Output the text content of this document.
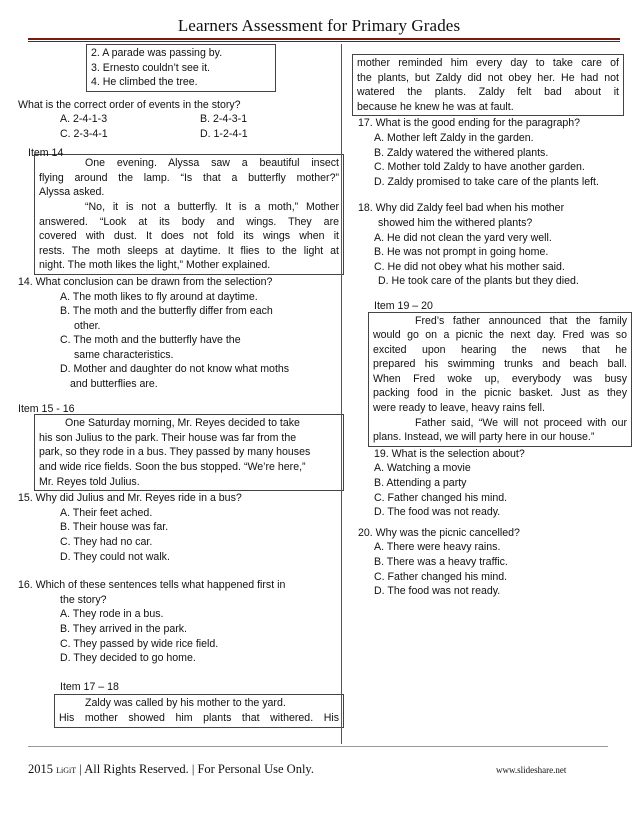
Learners Assessment for Primary Grades
2. A parade was passing by.
3. Ernesto couldn’t see it.
4. He climbed the tree.
What is the correct order of events in the story?
A. 2-4-1-3	B. 2-4-3-1
C. 2-3-4-1	D. 1-2-4-1
Item 14
One evening. Alyssa saw a beautiful insect
flying around the lamp. “Is that a butterfly mother?”
Alyssa asked.
“No, it is not a butterfly. It is a moth,” Mother
answered. “Look at its body and wings. They are
covered with dust. It does not fold its wings when it
rests. The moth sleeps at daytime. It flies to the light at
night. The moth likes the light,” Mother explained.
14. What conclusion can be drawn from the selection?
A. The moth likes to fly around at daytime.
B. The moth and the butterfly differ from each
other.
C. The moth and the butterfly have the
same characteristics.
D. Mother and daughter do not know what moths
and butterflies are.
Item 15 - 16
One Saturday morning, Mr. Reyes decided to take
his son Julius to the park. Their house was far from the
park, so they rode in a bus. They passed by many houses
and wide rice fields. Soon the bus stopped. “We’re here,”
Mr. Reyes told Julius.
15. Why did Julius and Mr. Reyes ride in a bus?
A. Their feet ached.
B. Their house was far.
C. They had no car.
D. They could not walk.
16. Which of these sentences tells what happened first in
the story?
A. They rode in a bus.
B. They arrived in the park.
C. They passed by wide rice field.
D. They decided to go home.
Item 17 – 18
Zaldy was called by his mother to the yard.
His mother showed him plants that withered. His
mother reminded him every day to take care of
the plants, but Zaldy did not obey her. He had not
watered the plants. Zaldy felt bad about it
because he knew he was at fault.
17. What is the good ending for the paragraph?
A. Mother left Zaldy in the garden.
B. Zaldy watered the withered plants.
C. Mother told Zaldy to have another garden.
D. Zaldy promised to take care of the plants left.
18. Why did Zaldy feel bad when his mother
showed him the withered plants?
A. He did not clean the yard very well.
B. He was not prompt in going home.
C. He did not obey what his mother said.
D. He took care of the plants but they died.
Item 19 – 20
Fred’s father announced that the family
would go on a picnic the next day. Fred was so
excited upon hearing the news that he
prepared his swimming trunks and beach ball.
When Fred woke up, everybody was busy
packing food in the picnic basket. Just as they
were ready to leave, heavy rains fell.
Father said, “We will not proceed with our
plans. Instead, we will party here in our house.”
19. What is the selection about?
A. Watching a movie
B. Attending a party
C. Father changed his mind.
D. The food was not ready.
20. Why was the picnic cancelled?
A. There were heavy rains.
B. There was a heavy traffic.
C. Father changed his mind.
D. The food was not ready.
2015 LiGiT | All Rights Reserved. | For Personal Use Only.	www.slideshare.net
